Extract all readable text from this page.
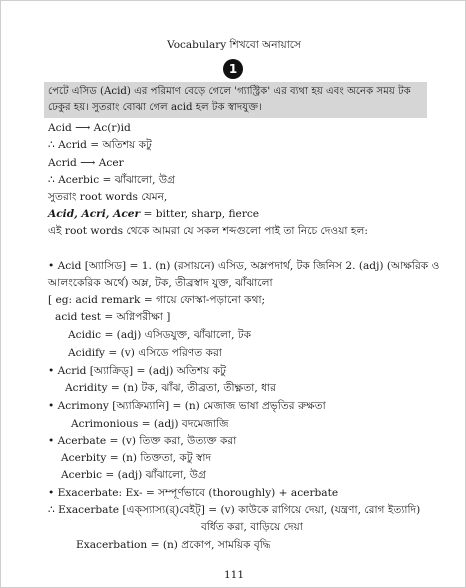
Vocabulary শিখবো অনায়াসে
1
পেটে এসিড (Acid) এর পরিমাণ বেড়ে গেলে 'গ্যাস্ট্রিক' এর ব্যথা হয় এবং অনেক সময় টক ঢেকুর হয়। সুতরাং বোঝা গেল acid হল টক স্বাদযুক্ত।
Acid ⟶ Ac(r)id
∴ Acrid = অতিশয় কটু
Acrid ⟶ Acer
∴ Acerbic = ঝাঁঝালো, উগ্র
সুতরাং root words যেমন,
Acid, Acri, Acer = bitter, sharp, fierce
এই root words থেকে আমরা যে সকল শব্দগুলো পাই তা নিচে দেওয়া হল:
• Acid [অ্যাসিড] = 1. (n) (রসায়নে) এসিড, অম্লপদার্থ, টক জিনিস 2. (adj) (আক্ষরিক ও
আলংকেরিক অর্থে) অম্ল, টক, তীব্রস্বাদ যুক্ত, ঝাঁঝালো
[ eg: acid remark = গায়ে ফোস্কা-পড়ানো কথা;
acid test = অগ্নিপরীক্ষা ]
Acidic = (adj) এসিডযুক্ত, ঝাঁঝালো, টক
Acidify = (v) এসিডে পরিণত করা
• Acrid [অ্যাক্রিড্‌] = (adj) অতিশয় কটু
Acridity = (n) টক, ঝাঁঝ, তীব্রতা, তীক্ষ্ণতা, ধার
• Acrimony [অ্যাক্রিম্যানি] = (n) মেজাজ ভাষা প্রভৃতির রুক্ষতা
Acrimonious = (adj) বদমেজাজি
• Acerbate = (v) তিক্ত করা, উত্যক্ত করা
Acerbity = (n) তিক্ততা, কটু স্বাদ
Acerbic = (adj) ঝাঁঝালো, উগ্র
• Exacerbate: Ex- = সম্পূর্ণভাবে (thoroughly) + acerbate
∴ Exacerbate [এক্‌স্যাস্য(র্‌)বেইট্‌] = (v) কাউকে রাগিয়ে দেয়া, (যন্ত্রণা, রোগ ইত্যাদি)
বর্ধিত করা, বাড়িয়ে দেয়া
Exacerbation = (n) প্রকোপ, সাময়িক বৃদ্ধি
111
